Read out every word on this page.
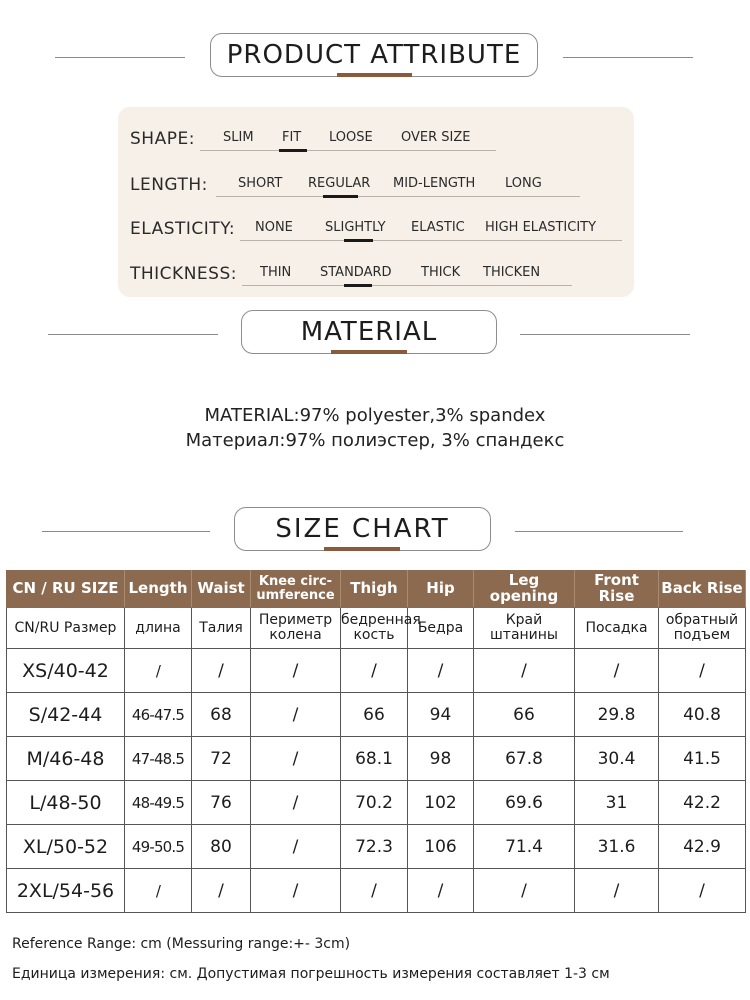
PRODUCT ATTRIBUTE
SHAPE: SLIM FIT LOOSE OVER SIZE
LENGTH: SHORT REGULAR MID-LENGTH LONG
ELASTICITY: NONE SLIGHTLY ELASTIC HIGH ELASTICITY
THICKNESS: THIN STANDARD THICK THICKEN
MATERIAL
MATERIAL:97% polyester,3% spandex
Материал:97% полиэстер, 3% спандекс
SIZE CHART
CN / RU SIZE	Length	Waist	Knee circ-umference	Thigh	Hip	Leg opening	Front Rise	Back Rise
CN/RU Размер	длина	Талия	Периметр колена	бедренная кость	Бедра	Край штанины	Посадка	обратный подъем
XS/40-42	/	/	/	/	/	/	/	/
S/42-44	46-47.5	68	/	66	94	66	29.8	40.8
M/46-48	47-48.5	72	/	68.1	98	67.8	30.4	41.5
L/48-50	48-49.5	76	/	70.2	102	69.6	31	42.2
XL/50-52	49-50.5	80	/	72.3	106	71.4	31.6	42.9
2XL/54-56	/	/	/	/	/	/	/	/
Reference Range: cm (Messuring range:+- 3cm)
Единица измерения: см. Допустимая погрешность измерения составляет 1-3 см
